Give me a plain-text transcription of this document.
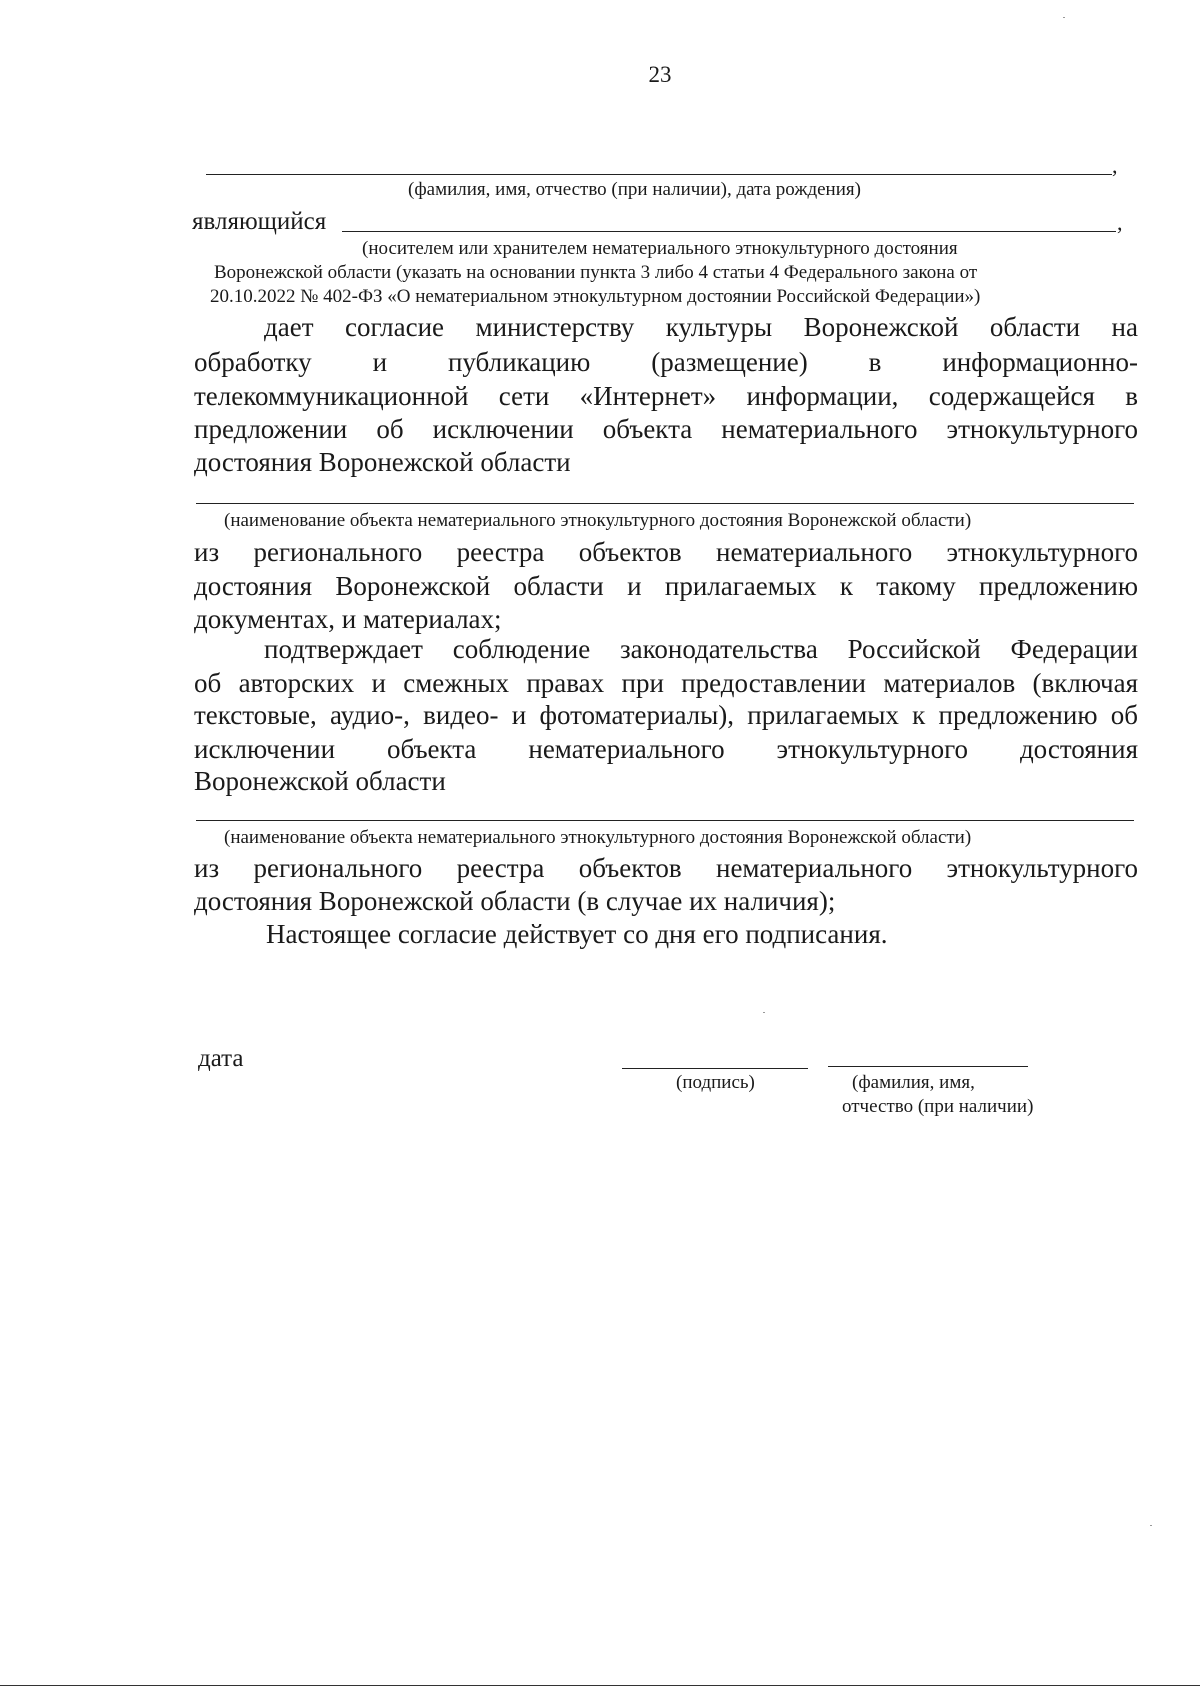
23
,
(фамилия, имя, отчество (при наличии), дата рождения)
являющийся	,
(носителем или хранителем нематериального этнокультурного достояния
Воронежской области (указать на основании пункта 3 либо 4 статьи 4 Федерального закона от
20.10.2022 № 402-ФЗ «О нематериальном этнокультурном достоянии Российской Федерации»)
дает согласие министерству культуры Воронежской области на
обработку и публикацию (размещение) в информационно-
телекоммуникационной сети «Интернет» информации, содержащейся в
предложении об исключении объекта нематериального этнокультурного
достояния Воронежской области
(наименование объекта нематериального этнокультурного достояния Воронежской области)
из регионального реестра объектов нематериального этнокультурного
достояния Воронежской области и прилагаемых к такому предложению
документах, и материалах;
подтверждает соблюдение законодательства Российской Федерации
об авторских и смежных правах при предоставлении материалов (включая
текстовые, аудио-, видео- и фотоматериалы), прилагаемых к предложению об
исключении объекта нематериального этнокультурного достояния
Воронежской области
(наименование объекта нематериального этнокультурного достояния Воронежской области)
из регионального реестра объектов нематериального этнокультурного
достояния Воронежской области (в случае их наличия);
Настоящее согласие действует со дня его подписания.
дата
(подпись)	(фамилия, имя,
отчество (при наличии)
